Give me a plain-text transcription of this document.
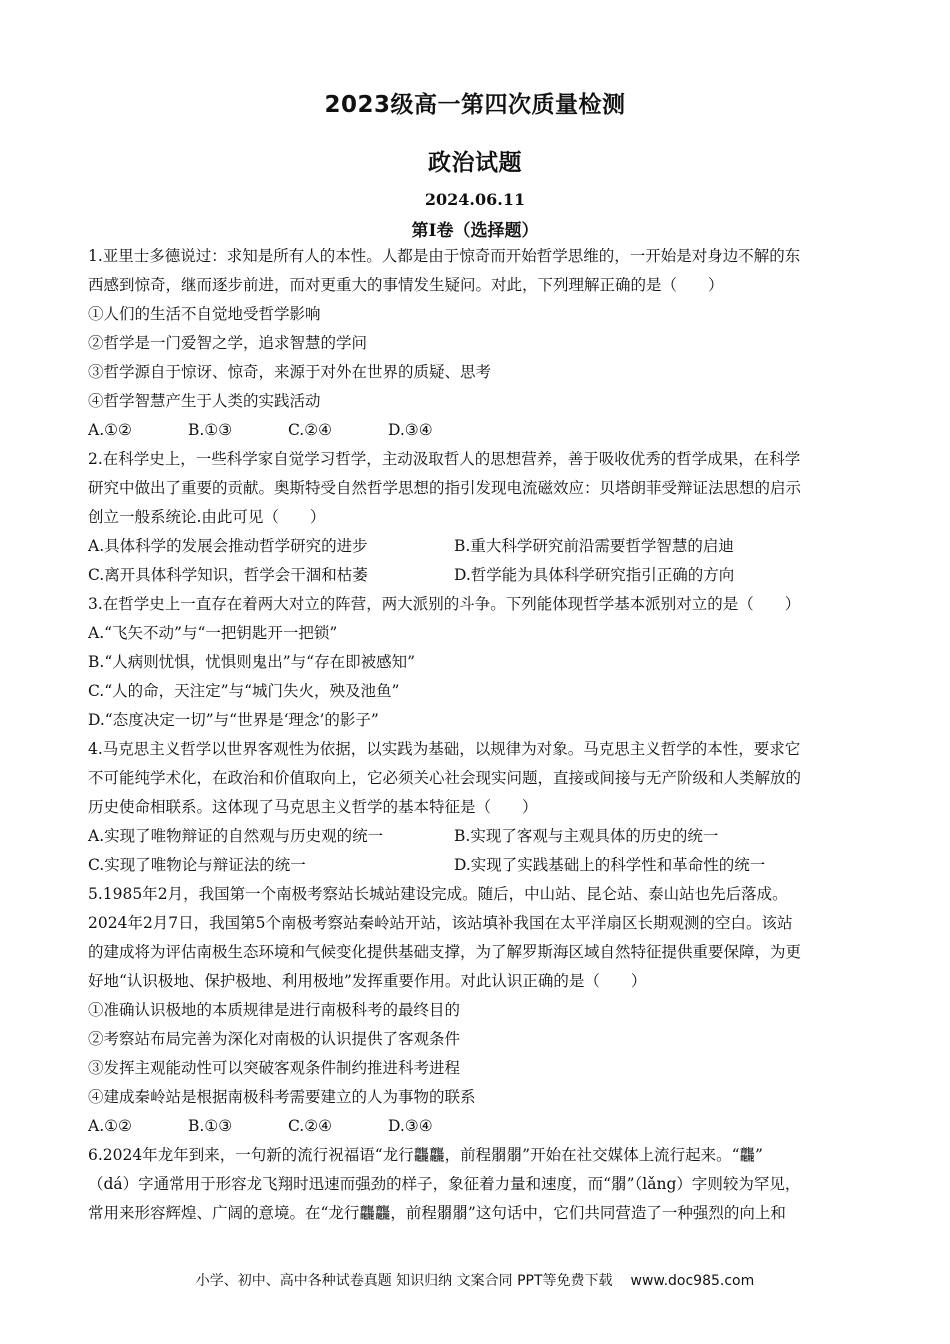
2023级高一第四次质量检测
政治试题
2024.06.11
第I卷（选择题）
1.亚里士多德说过：求知是所有人的本性。人都是由于惊奇而开始哲学思维的，一开始是对身边不解的东
西感到惊奇，继而逐步前进，而对更重大的事情发生疑问。对此，下列理解正确的是（　　）
①人们的生活不自觉地受哲学影响
②哲学是一门爱智之学，追求智慧的学问
③哲学源自于惊讶、惊奇，来源于对外在世界的质疑、思考
④哲学智慧产生于人类的实践活动
A.①②	B.①③	C.②④	D.③④
2.在科学史上，一些科学家自觉学习哲学，主动汲取哲人的思想营养，善于吸收优秀的哲学成果，在科学
研究中做出了重要的贡献。奥斯特受自然哲学思想的指引发现电流磁效应：贝塔朗菲受辩证法思想的启示
创立一般系统论.由此可见（　　）
A.具体科学的发展会推动哲学研究的进步	B.重大科学研究前沿需要哲学智慧的启迪
C.离开具体科学知识，哲学会干涸和枯萎	D.哲学能为具体科学研究指引正确的方向
3.在哲学史上一直存在着两大对立的阵营，两大派别的斗争。下列能体现哲学基本派别对立的是（　　）
A.“飞矢不动”与“一把钥匙开一把锁”
B.“人病则忧惧，忧惧则鬼出”与“存在即被感知”
C.“人的命，天注定”与“城门失火，殃及池鱼”
D.“态度决定一切”与“世界是‘理念’的影子”
4.马克思主义哲学以世界客观性为依据，以实践为基础，以规律为对象。马克思主义哲学的本性，要求它
不可能纯学术化，在政治和价值取向上，它必须关心社会现实问题，直接或间接与无产阶级和人类解放的
历史使命相联系。这体现了马克思主义哲学的基本特征是（　　）
A.实现了唯物辩证的自然观与历史观的统一	B.实现了客观与主观具体的历史的统一
C.实现了唯物论与辩证法的统一	D.实现了实践基础上的科学性和革命性的统一
5.1985年2月，我国第一个南极考察站长城站建设完成。随后，中山站、昆仑站、泰山站也先后落成。
2024年2月7日，我国第5个南极考察站秦岭站开站，该站填补我国在太平洋扇区长期观测的空白。该站
的建成将为评估南极生态环境和气候变化提供基础支撑，为了解罗斯海区域自然特征提供重要保障，为更
好地“认识极地、保护极地、利用极地”发挥重要作用。对此认识正确的是（　　）
①准确认识极地的本质规律是进行南极科考的最终目的
②考察站布局完善为深化对南极的认识提供了客观条件
③发挥主观能动性可以突破客观条件制约推进科考进程
④建成秦岭站是根据南极科考需要建立的人为事物的联系
A.①②	B.①③	C.②④	D.③④
6.2024年龙年到来，一句新的流行祝福语“龙行龘龘，前程朤朤”开始在社交媒体上流行起来。“龘”
（dá）字通常用于形容龙飞翔时迅速而强劲的样子，象征着力量和速度，而“朤”（lǎng）字则较为罕见，
常用来形容辉煌、广阔的意境。在“龙行龘龘，前程朤朤”这句话中，它们共同营造了一种强烈的向上和
小学、初中、高中各种试卷真题 知识归纳 文案合同 PPT等免费下载 www.doc985.com
